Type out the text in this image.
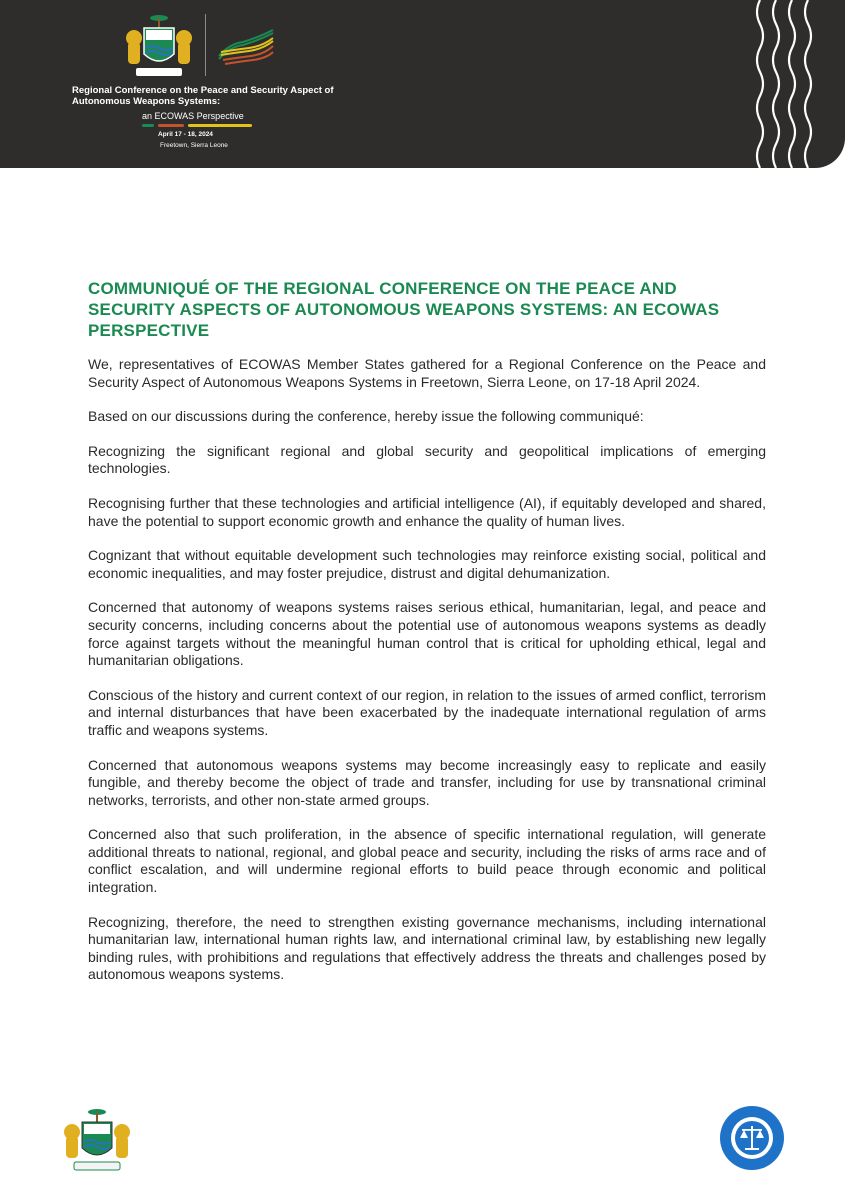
Regional Conference on the Peace and Security Aspect of Autonomous Weapons Systems:
an ECOWAS Perspective
April 17 - 18, 2024
Freetown, Sierra Leone
COMMUNIQUÉ OF THE REGIONAL CONFERENCE ON THE PEACE AND SECURITY ASPECTS OF AUTONOMOUS WEAPONS SYSTEMS: AN ECOWAS PERSPECTIVE

We, representatives of ECOWAS Member States gathered for a Regional Conference on the Peace and Security Aspect of Autonomous Weapons Systems in Freetown, Sierra Leone, on 17-18 April 2024.

Based on our discussions during the conference, hereby issue the following communiqué:

Recognizing the significant regional and global security and geopolitical implications of emerging technologies.

Recognising further that these technologies and artificial intelligence (AI), if equitably developed and shared, have the potential to support economic growth and enhance the quality of human lives.

Cognizant that without equitable development such technologies may reinforce existing social, political and economic inequalities, and may foster prejudice, distrust and digital dehumanization.

Concerned that autonomy of weapons systems raises serious ethical, humanitarian, legal, and peace and security concerns, including concerns about the potential use of autonomous weapons systems as deadly force against targets without the meaningful human control that is critical for upholding ethical, legal and humanitarian obligations.

Conscious of the history and current context of our region, in relation to the issues of armed conflict, terrorism and internal disturbances that have been exacerbated by the inadequate international regulation of arms traffic and weapons systems.

Concerned that autonomous weapons systems may become increasingly easy to replicate and easily fungible, and thereby become the object of trade and transfer, including for use by transnational criminal networks, terrorists, and other non-state armed groups.

Concerned also that such proliferation, in the absence of specific international regulation, will generate additional threats to national, regional, and global peace and security, including the risks of arms race and of conflict escalation, and will undermine regional efforts to build peace through economic and political integration.

Recognizing, therefore, the need to strengthen existing governance mechanisms, including international humanitarian law, international human rights law, and international criminal law, by establishing new legally binding rules, with prohibitions and regulations that effectively address the threats and challenges posed by autonomous weapons systems.
